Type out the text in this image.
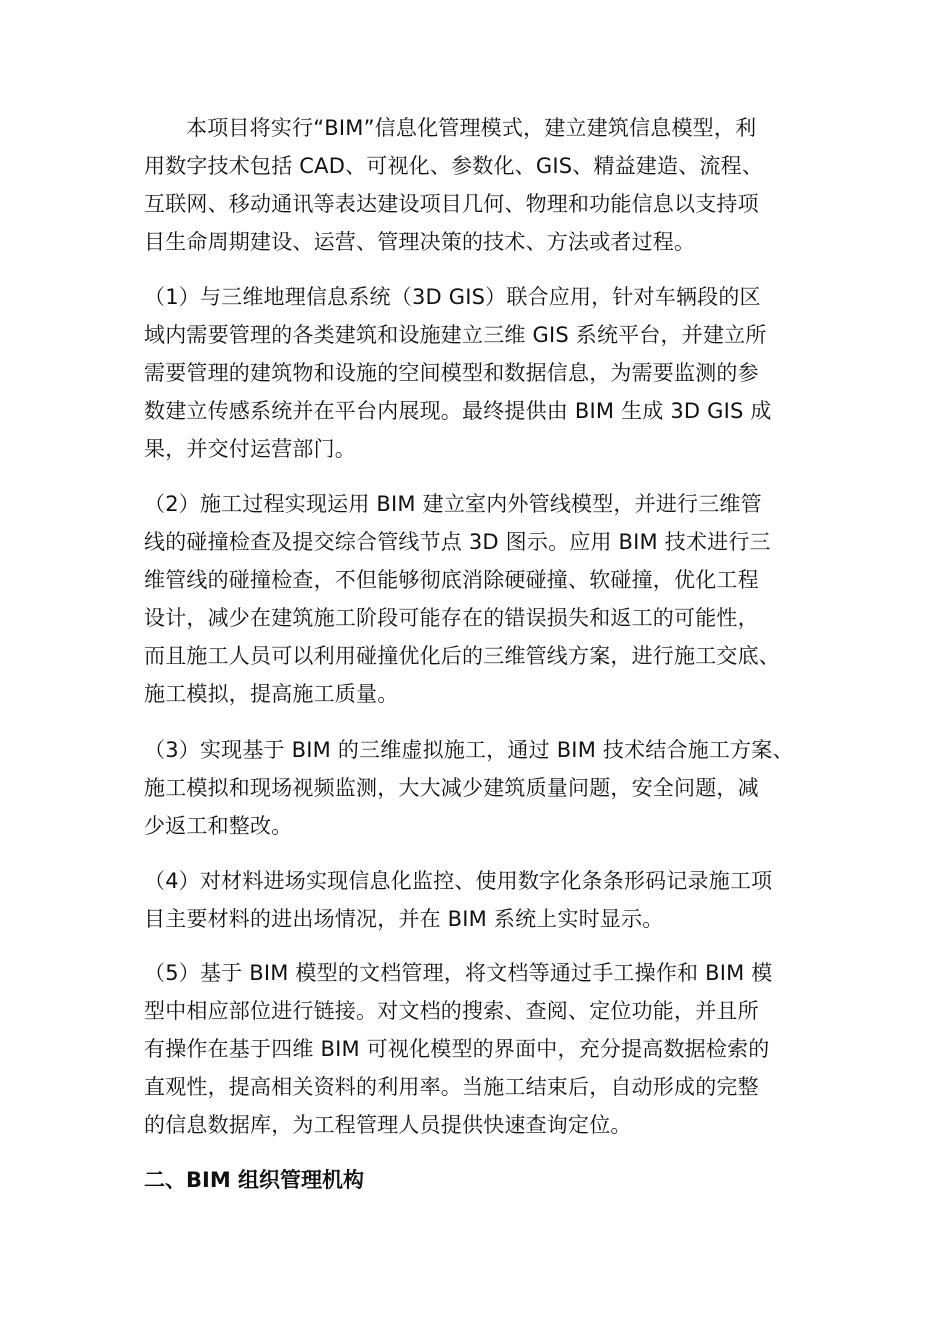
本项目将实行“BIM”信息化管理模式，建立建筑信息模型，利
用数字技术包括 CAD、可视化、参数化、GIS、精益建造、流程、
互联网、移动通讯等表达建设项目几何、物理和功能信息以支持项
目生命周期建设、运营、管理决策的技术、方法或者过程。
（1）与三维地理信息系统（3D GIS）联合应用，针对车辆段的区
域内需要管理的各类建筑和设施建立三维 GIS 系统平台，并建立所
需要管理的建筑物和设施的空间模型和数据信息，为需要监测的参
数建立传感系统并在平台内展现。最终提供由 BIM 生成 3D GIS 成
果，并交付运营部门。
（2）施工过程实现运用 BIM 建立室内外管线模型，并进行三维管
线的碰撞检查及提交综合管线节点 3D 图示。应用 BIM 技术进行三
维管线的碰撞检查，不但能够彻底消除硬碰撞、软碰撞，优化工程
设计，减少在建筑施工阶段可能存在的错误损失和返工的可能性，
而且施工人员可以利用碰撞优化后的三维管线方案，进行施工交底、
施工模拟，提高施工质量。
（3）实现基于 BIM 的三维虚拟施工，通过 BIM 技术结合施工方案、
施工模拟和现场视频监测，大大减少建筑质量问题，安全问题，减
少返工和整改。
（4）对材料进场实现信息化监控、使用数字化条条形码记录施工项
目主要材料的进出场情况，并在 BIM 系统上实时显示。
（5）基于 BIM 模型的文档管理，将文档等通过手工操作和 BIM 模
型中相应部位进行链接。对文档的搜索、查阅、定位功能，并且所
有操作在基于四维 BIM 可视化模型的界面中，充分提高数据检索的
直观性，提高相关资料的利用率。当施工结束后，自动形成的完整
的信息数据库，为工程管理人员提供快速查询定位。
二、BIM 组织管理机构
